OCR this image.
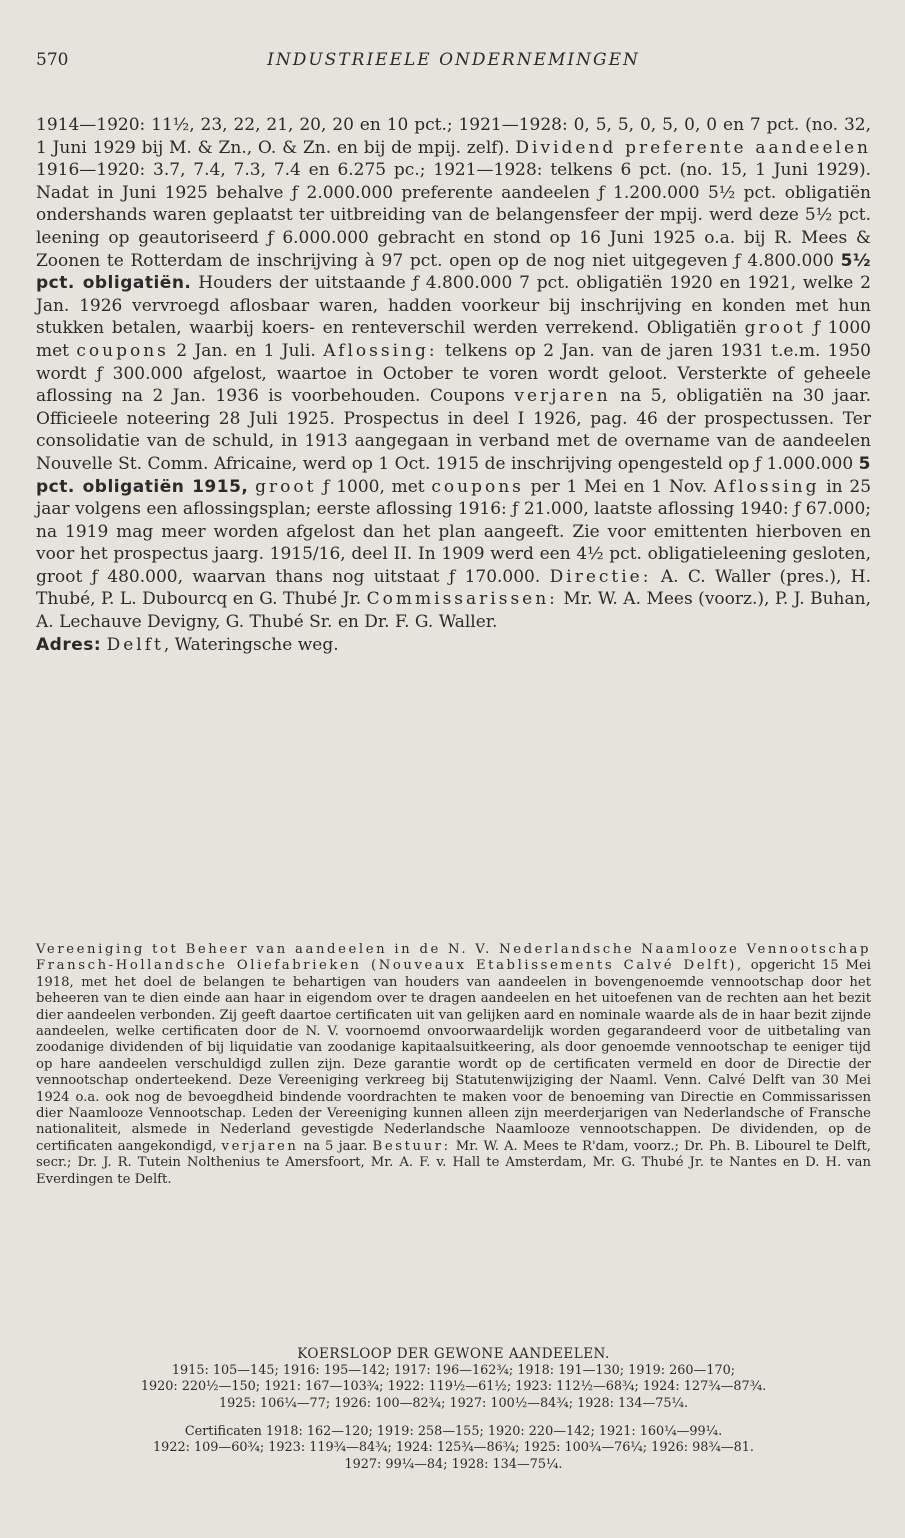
570	INDUSTRIEELE ONDERNEMINGEN

1914—1920: 11½, 23, 22, 21, 20, 20 en 10 pct.; 1921—1928: 0, 5, 5, 0, 5, 0, 0 en 7 pct. (no. 32, 1 Juni 1929 bij M. & Zn., O. & Zn. en bij de mpij. zelf). Dividend preferente aandeelen 1916—1920: 3.7, 7.4, 7.3, 7.4 en 6.275 pc.; 1921—1928: telkens 6 pct. (no. 15, 1 Juni 1929). Nadat in Juni 1925 behalve ƒ 2.000.000 preferente aandeelen ƒ 1.200.000 5½ pct. obligatiën ondershands waren geplaatst ter uitbreiding van de belangensfeer der mpij. werd deze 5½ pct. leening op geautoriseerd ƒ 6.000.000 gebracht en stond op 16 Juni 1925 o.a. bij R. Mees & Zoonen te Rotterdam de inschrijving à 97 pct. open op de nog niet uitgegeven ƒ 4.800.000 5½ pct. obligatiën. Houders der uitstaande ƒ 4.800.000 7 pct. obligatiën 1920 en 1921, welke 2 Jan. 1926 vervroegd aflosbaar waren, hadden voorkeur bij inschrijving en konden met hun stukken betalen, waarbij koers- en renteverschil werden verrekend. Obligatiën groot ƒ 1000 met coupons 2 Jan. en 1 Juli. Aflossing: telkens op 2 Jan. van de jaren 1931 t.e.m. 1950 wordt ƒ 300.000 afgelost, waartoe in October te voren wordt geloot. Versterkte of geheele aflossing na 2 Jan. 1936 is voorbehouden. Coupons verjaren na 5, obligatiën na 30 jaar. Officieele noteering 28 Juli 1925. Prospectus in deel I 1926, pag. 46 der prospectussen. Ter consolidatie van de schuld, in 1913 aangegaan in verband met de overname van de aandeelen Nouvelle St. Comm. Africaine, werd op 1 Oct. 1915 de inschrijving opengesteld op ƒ 1.000.000 5 pct. obligatiën 1915, groot ƒ 1000, met coupons per 1 Mei en 1 Nov. Aflossing in 25 jaar volgens een aflossingsplan; eerste aflossing 1916: ƒ 21.000, laatste aflossing 1940: ƒ 67.000; na 1919 mag meer worden afgelost dan het plan aangeeft. Zie voor emittenten hierboven en voor het prospectus jaarg. 1915/16, deel II. In 1909 werd een 4½ pct. obligatieleening gesloten, groot ƒ 480.000, waarvan thans nog uitstaat ƒ 170.000. Directie: A. C. Waller (pres.), H. Thubé, P. L. Dubourcq en G. Thubé Jr. Commissarissen: Mr. W. A. Mees (voorz.), P. J. Buhan, A. Lechauve Devigny, G. Thubé Sr. en Dr. F. G. Waller.

Adres: Delft, Wateringsche weg.

Vereeniging tot Beheer van aandeelen in de N. V. Nederlandsche Naamlooze Vennootschap Fransch-Hollandsche Oliefabrieken (Nouveaux Etablissements Calvé Delft), opgericht 15 Mei 1918, met het doel de belangen te behartigen van houders van aandeelen in bovengenoemde vennootschap door het beheeren van te dien einde aan haar in eigendom over te dragen aandeelen en het uitoefenen van de rechten aan het bezit dier aandeelen verbonden. Zij geeft daartoe certificaten uit van gelijken aard en nominale waarde als de in haar bezit zijnde aandeelen, welke certificaten door de N. V. voornoemd onvoorwaardelijk worden gegarandeerd voor de uitbetaling van zoodanige dividenden of bij liquidatie van zoodanige kapitaalsuitkeering, als door genoemde vennootschap te eeniger tijd op hare aandeelen verschuldigd zullen zijn. Deze garantie wordt op de certificaten vermeld en door de Directie der vennootschap onderteekend. Deze Vereeniging verkreeg bij Statutenwijziging der Naaml. Venn. Calvé Delft van 30 Mei 1924 o.a. ook nog de bevoegdheid bindende voordrachten te maken voor de benoeming van Directie en Commissarissen dier Naamlooze Vennootschap. Leden der Vereeniging kunnen alleen zijn meerderjarigen van Nederlandsche of Fransche nationaliteit, alsmede in Nederland gevestigde Nederlandsche Naamlooze vennootschappen. De dividenden, op de certificaten aangekondigd, verjaren na 5 jaar. Bestuur: Mr. W. A. Mees te R'dam, voorz.; Dr. Ph. B. Libourel te Delft, secr.; Dr. J. R. Tutein Nolthenius te Amersfoort, Mr. A. F. v. Hall te Amsterdam, Mr. G. Thubé Jr. te Nantes en D. H. van Everdingen te Delft.

KOERSLOOP DER GEWONE AANDEELEN.

1915: 105—145; 1916: 195—142; 1917: 196—162¾; 1918: 191—130; 1919: 260—170;

1920: 220½—150; 1921: 167—103¾; 1922: 119½—61½; 1923: 112½—68¾; 1924: 127¾—87¾.

1925: 106¼—77; 1926: 100—82¾; 1927: 100½—84¾; 1928: 134—75¼.

Certificaten 1918: 162—120; 1919: 258—155; 1920: 220—142; 1921: 160¼—99¼.

1922: 109—60¾; 1923: 119¾—84¾; 1924: 125¾—86¾; 1925: 100¾—76¼; 1926: 98¾—81.

1927: 99¼—84; 1928: 134—75¼.
